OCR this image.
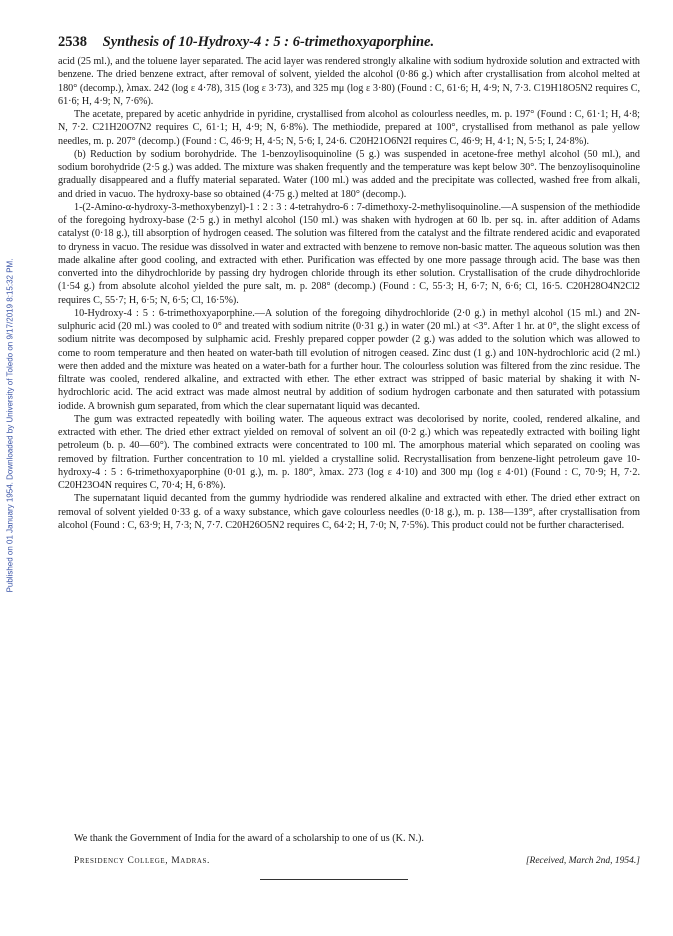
Published on 01 January 1954. Downloaded by University of Toledo on 9/17/2019 8:15:32 PM.
2538 Synthesis of 10-Hydroxy-4 : 5 : 6-trimethoxyaporphine.

acid (25 ml.), and the toluene layer separated. The acid layer was rendered strongly alkaline with sodium hydroxide solution and extracted with benzene. The dried benzene extract, after removal of solvent, yielded the alcohol (0·86 g.) which after crystallisation from alcohol melted at 180° (decomp.), λmax. 242 (log ε 4·78), 315 (log ε 3·73), and 325 mμ (log ε 3·80) (Found : C, 61·6; H, 4·9; N, 7·3. C19H18O5N2 requires C, 61·6; H, 4·9; N, 7·6%).

The acetate, prepared by acetic anhydride in pyridine, crystallised from alcohol as colourless needles, m. p. 197° (Found : C, 61·1; H, 4·8; N, 7·2. C21H20O7N2 requires C, 61·1; H, 4·9; N, 6·8%). The methiodide, prepared at 100°, crystallised from methanol as pale yellow needles, m. p. 207° (decomp.) (Found : C, 46·9; H, 4·5; N, 5·6; I, 24·6. C20H21O6N2I requires C, 46·9; H, 4·1; N, 5·5; I, 24·8%).

(b) Reduction by sodium borohydride. The 1-benzoylisoquinoline (5 g.) was suspended in acetone-free methyl alcohol (50 ml.), and sodium borohydride (2·5 g.) was added. The mixture was shaken frequently and the temperature was kept below 30°. The benzoylisoquinoline gradually disappeared and a fluffy material separated. Water (100 ml.) was added and the precipitate was collected, washed free from alkali, and dried in vacuo. The hydroxy-base so obtained (4·75 g.) melted at 180° (decomp.).

1-(2-Amino-α-hydroxy-3-methoxybenzyl)-1 : 2 : 3 : 4-tetrahydro-6 : 7-dimethoxy-2-methylisoquinoline.—A suspension of the methiodide of the foregoing hydroxy-base (2·5 g.) in methyl alcohol (150 ml.) was shaken with hydrogen at 60 lb. per sq. in. after addition of Adams catalyst (0·18 g.), till absorption of hydrogen ceased. The solution was filtered from the catalyst and the filtrate rendered acidic and evaporated to dryness in vacuo. The residue was dissolved in water and extracted with benzene to remove non-basic matter. The aqueous solution was then made alkaline after good cooling, and extracted with ether. Purification was effected by one more passage through acid. The base was then converted into the dihydrochloride by passing dry hydrogen chloride through its ether solution. Crystallisation of the crude dihydrochloride (1·54 g.) from absolute alcohol yielded the pure salt, m. p. 208° (decomp.) (Found : C, 55·3; H, 6·7; N, 6·6; Cl, 16·5. C20H28O4N2Cl2 requires C, 55·7; H, 6·5; N, 6·5; Cl, 16·5%).

10-Hydroxy-4 : 5 : 6-trimethoxyaporphine.—A solution of the foregoing dihydrochloride (2·0 g.) in methyl alcohol (15 ml.) and 2N-sulphuric acid (20 ml.) was cooled to 0° and treated with sodium nitrite (0·31 g.) in water (20 ml.) at <3°. After 1 hr. at 0°, the slight excess of sodium nitrite was decomposed by sulphamic acid. Freshly prepared copper powder (2 g.) was added to the solution which was allowed to come to room temperature and then heated on water-bath till evolution of nitrogen ceased. Zinc dust (1 g.) and 10N-hydrochloric acid (2 ml.) were then added and the mixture was heated on a water-bath for a further hour. The colourless solution was filtered from the zinc residue. The filtrate was cooled, rendered alkaline, and extracted with ether. The ether extract was stripped of basic material by shaking it with N-hydrochloric acid. The acid extract was made almost neutral by addition of sodium hydrogen carbonate and then saturated with potassium iodide. A brownish gum separated, from which the clear supernatant liquid was decanted.

The gum was extracted repeatedly with boiling water. The aqueous extract was decolorised by norite, cooled, rendered alkaline, and extracted with ether. The dried ether extract yielded on removal of solvent an oil (0·2 g.) which was repeatedly extracted with boiling light petroleum (b. p. 40—60°). The combined extracts were concentrated to 100 ml. The amorphous material which separated on cooling was removed by filtration. Further concentration to 10 ml. yielded a crystalline solid. Recrystallisation from benzene-light petroleum gave 10-hydroxy-4 : 5 : 6-trimethoxyaporphine (0·01 g.), m. p. 180°, λmax. 273 (log ε 4·10) and 300 mμ (log ε 4·01) (Found : C, 70·9; H, 7·2. C20H23O4N requires C, 70·4; H, 6·8%).

The supernatant liquid decanted from the gummy hydriodide was rendered alkaline and extracted with ether. The dried ether extract on removal of solvent yielded 0·33 g. of a waxy substance, which gave colourless needles (0·18 g.), m. p. 138—139°, after crystallisation from alcohol (Found : C, 63·9; H, 7·3; N, 7·7. C20H26O5N2 requires C, 64·2; H, 7·0; N, 7·5%). This product could not be further characterised.

We thank the Government of India for the award of a scholarship to one of us (K. N.).
Presidency College, Madras.	[Received, March 2nd, 1954.]
